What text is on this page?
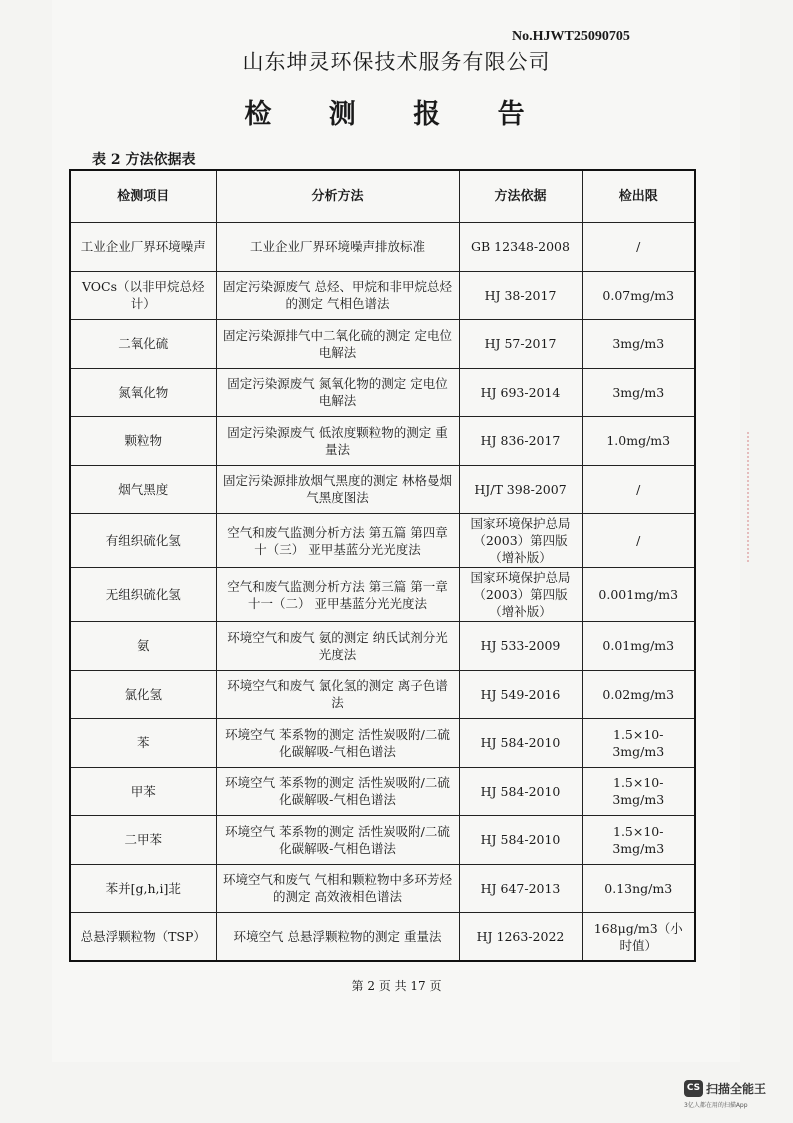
No.HJWT25090705
山东坤灵环保技术服务有限公司
检 测 报 告
表 2 方法依据表
检测项目	分析方法	方法依据	检出限
工业企业厂界环境噪声	工业企业厂界环境噪声排放标准	GB 12348-2008	/
VOCs（以非甲烷总烃计）	固定污染源废气 总烃、甲烷和非甲烷总烃的测定 气相色谱法	HJ 38-2017	0.07mg/m3
二氧化硫	固定污染源排气中二氧化硫的测定 定电位电解法	HJ 57-2017	3mg/m3
氮氧化物	固定污染源废气 氮氧化物的测定 定电位电解法	HJ 693-2014	3mg/m3
颗粒物	固定污染源废气 低浓度颗粒物的测定 重量法	HJ 836-2017	1.0mg/m3
烟气黑度	固定污染源排放烟气黑度的测定 林格曼烟气黑度图法	HJ/T 398-2007	/
有组织硫化氢	空气和废气监测分析方法 第五篇 第四章 十（三） 亚甲基蓝分光光度法	国家环境保护总局（2003）第四版（增补版）	/
无组织硫化氢	空气和废气监测分析方法 第三篇 第一章 十一（二） 亚甲基蓝分光光度法	国家环境保护总局（2003）第四版（增补版）	0.001mg/m3
氨	环境空气和废气 氨的测定 纳氏试剂分光光度法	HJ 533-2009	0.01mg/m3
氯化氢	环境空气和废气 氯化氢的测定 离子色谱法	HJ 549-2016	0.02mg/m3
苯	环境空气 苯系物的测定 活性炭吸附/二硫化碳解吸-气相色谱法	HJ 584-2010	1.5×10-3mg/m3
甲苯	环境空气 苯系物的测定 活性炭吸附/二硫化碳解吸-气相色谱法	HJ 584-2010	1.5×10-3mg/m3
二甲苯	环境空气 苯系物的测定 活性炭吸附/二硫化碳解吸-气相色谱法	HJ 584-2010	1.5×10-3mg/m3
苯并[g,h,i]苝	环境空气和废气 气相和颗粒物中多环芳烃的测定 高效液相色谱法	HJ 647-2013	0.13ng/m3
总悬浮颗粒物（TSP）	环境空气 总悬浮颗粒物的测定 重量法	HJ 1263-2022	168μg/m3（小时值）
第 2 页 共 17 页
CS 扫描全能王
3亿人都在用的扫描App
